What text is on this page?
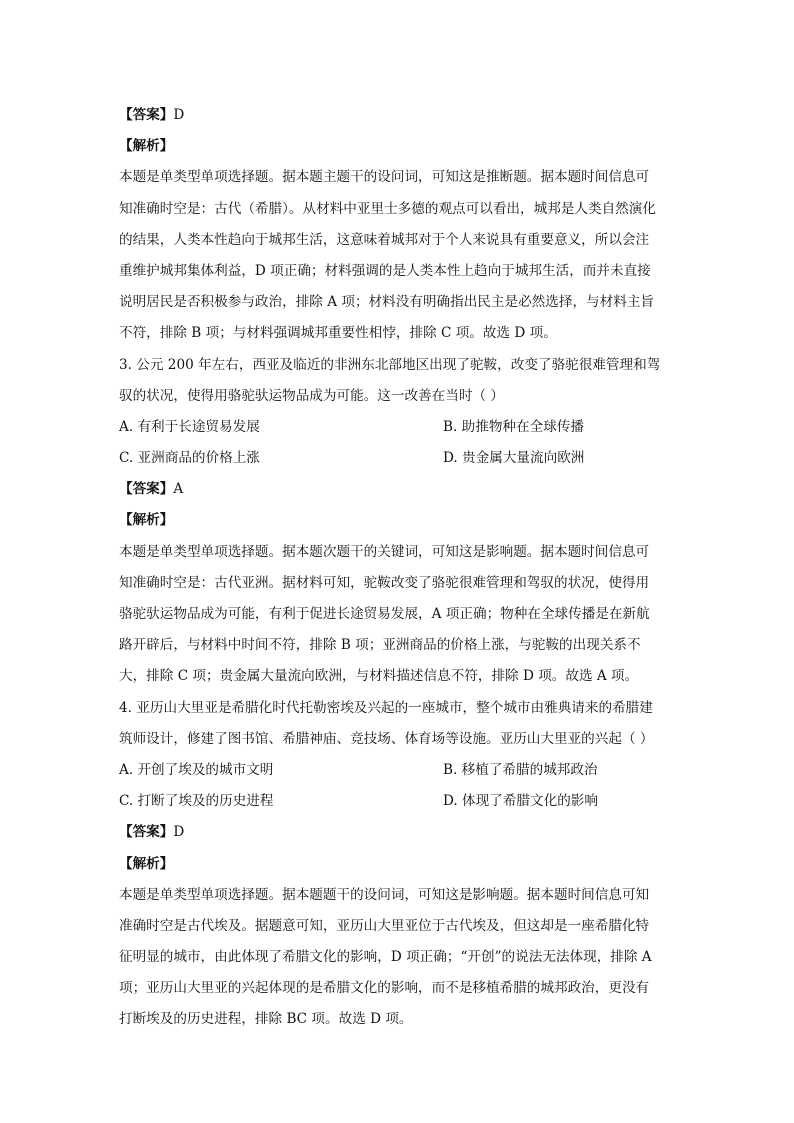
【答案】D
【解析】
本题是单类型单项选择题。据本题主题干的设问词，可知这是推断题。据本题时间信息可
知准确时空是：古代（希腊）。从材料中亚里士多德的观点可以看出，城邦是人类自然演化
的结果，人类本性趋向于城邦生活，这意味着城邦对于个人来说具有重要意义，所以会注
重维护城邦集体利益，D 项正确；材料强调的是人类本性上趋向于城邦生活，而并未直接
说明居民是否积极参与政治，排除 A 项；材料没有明确指出民主是必然选择，与材料主旨
不符，排除 B 项；与材料强调城邦重要性相悖，排除 C 项。故选 D 项。
3. 公元 200 年左右，西亚及临近的非洲东北部地区出现了驼鞍，改变了骆驼很难管理和驾
驭的状况，使得用骆驼驮运物品成为可能。这一改善在当时（ ）
A. 有利于长途贸易发展	B. 助推物种在全球传播
C. 亚洲商品的价格上涨	D. 贵金属大量流向欧洲
【答案】A
【解析】
本题是单类型单项选择题。据本题次题干的关键词，可知这是影响题。据本题时间信息可
知准确时空是：古代亚洲。据材料可知，驼鞍改变了骆驼很难管理和驾驭的状况，使得用
骆驼驮运物品成为可能，有利于促进长途贸易发展，A 项正确；物种在全球传播是在新航
路开辟后，与材料中时间不符，排除 B 项；亚洲商品的价格上涨，与驼鞍的出现关系不
大，排除 C 项；贵金属大量流向欧洲，与材料描述信息不符，排除 D 项。故选 A 项。
4. 亚历山大里亚是希腊化时代托勒密埃及兴起的一座城市，整个城市由雅典请来的希腊建
筑师设计，修建了图书馆、希腊神庙、竞技场、体育场等设施。亚历山大里亚的兴起（ ）
A. 开创了埃及的城市文明	B. 移植了希腊的城邦政治
C. 打断了埃及的历史进程	D. 体现了希腊文化的影响
【答案】D
【解析】
本题是单类型单项选择题。据本题题干的设问词，可知这是影响题。据本题时间信息可知
准确时空是古代埃及。据题意可知，亚历山大里亚位于古代埃及，但这却是一座希腊化特
征明显的城市，由此体现了希腊文化的影响，D 项正确；“开创”的说法无法体现，排除 A
项；亚历山大里亚的兴起体现的是希腊文化的影响，而不是移植希腊的城邦政治，更没有
打断埃及的历史进程，排除 BC 项。故选 D 项。
